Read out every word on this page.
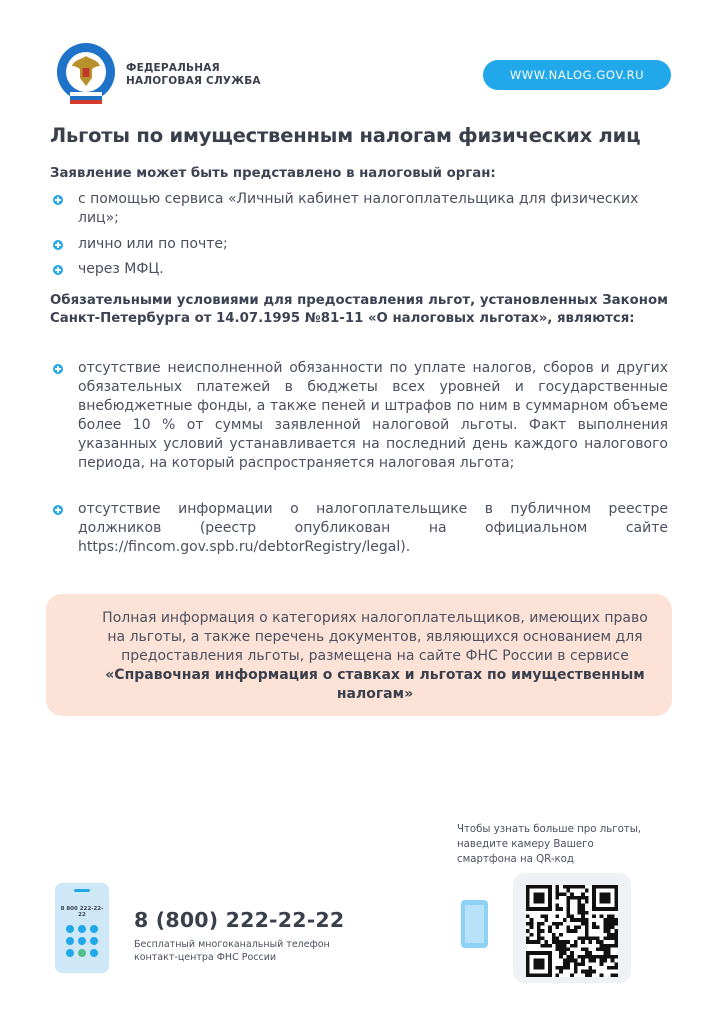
ФЕДЕРАЛЬНАЯ
НАЛОГОВАЯ СЛУЖБА	WWW.NALOG.GOV.RU
Льготы по имущественным налогам физических лиц
Заявление может быть представлено в налоговый орган:
с помощью сервиса «Личный кабинет налогоплательщика для физических лиц»;
лично или по почте;
через МФЦ.
Обязательными условиями для предоставления льгот, установленных Законом Санкт-Петербурга от 14.07.1995 №81-11 «О налоговых льготах», являются:
отсутствие неисполненной обязанности по уплате налогов, сборов и других обязательных платежей в бюджеты всех уровней и государственные внебюджетные фонды, а также пеней и штрафов по ним в суммарном объеме более 10 % от суммы заявленной налоговой льготы. Факт выполнения указанных условий устанавливается на последний день каждого налогового периода, на который распространяется налоговая льгота;
отсутствие информации о налогоплательщике в публичном реестре должников (реестр опубликован на официальном сайте https://fincom.gov.spb.ru/debtorRegistry/legal).
Полная информация о категориях налогоплательщиков, имеющих право на льготы, а также перечень документов, являющихся основанием для предоставления льготы, размещена на сайте ФНС России в сервисе «Справочная информация о ставках и льготах по имущественным налогам»
8 800 222-22-22	8 (800) 222-22-22
Бесплатный многоканальный телефон
контакт-центра ФНС России
Чтобы узнать больше про льготы,
наведите камеру Вашего
смартфона на QR-код
